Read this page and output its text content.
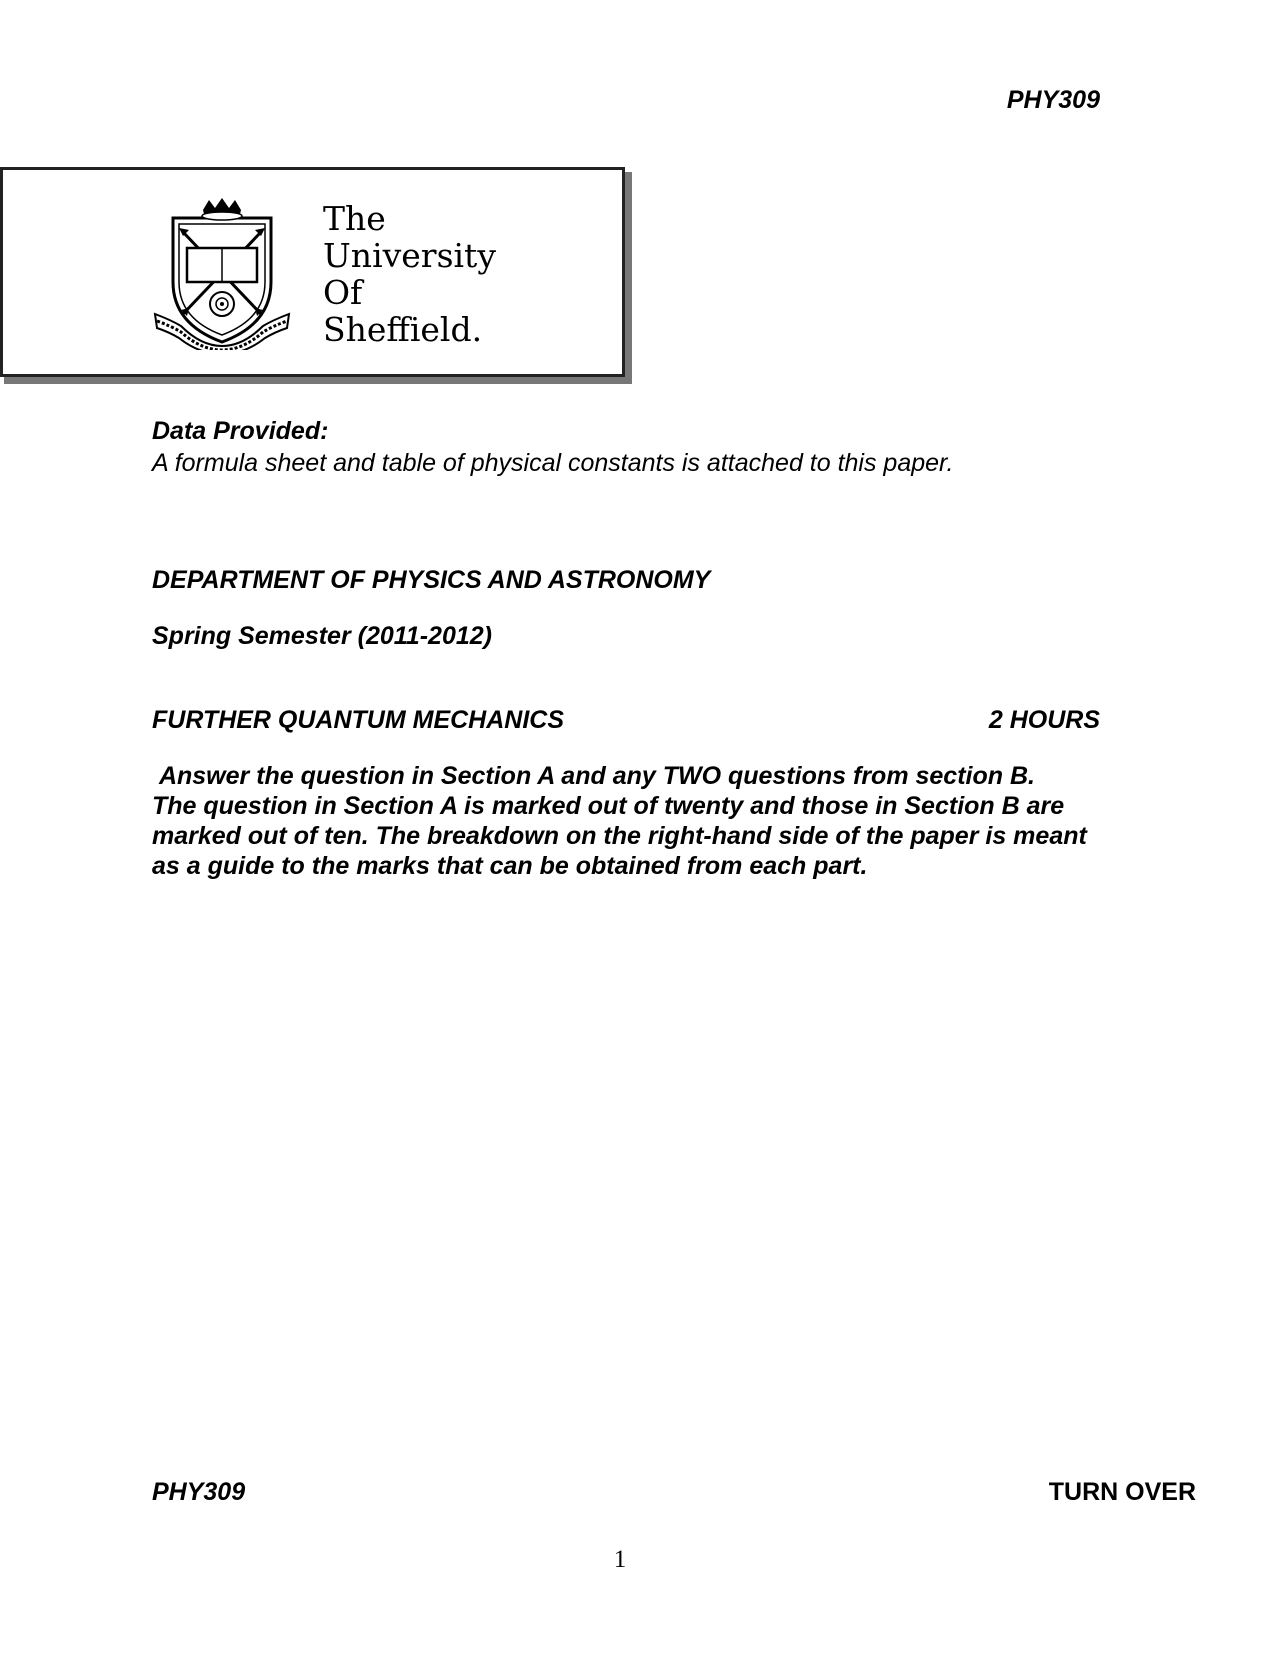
PHY309
The
University
Of
Sheffield.
Data Provided:
A formula sheet and table of physical constants is attached to this paper.
DEPARTMENT OF PHYSICS AND ASTRONOMY
Spring Semester (2011-2012)
FURTHER QUANTUM MECHANICS	2 HOURS

Answer the question in Section A and any TWO questions from section B.

The question in Section A is marked out of twenty and those in Section B are marked out of ten. The breakdown on the right-hand side of the paper is meant as a guide to the marks that can be obtained from each part.

PHY309	TURN OVER
1
